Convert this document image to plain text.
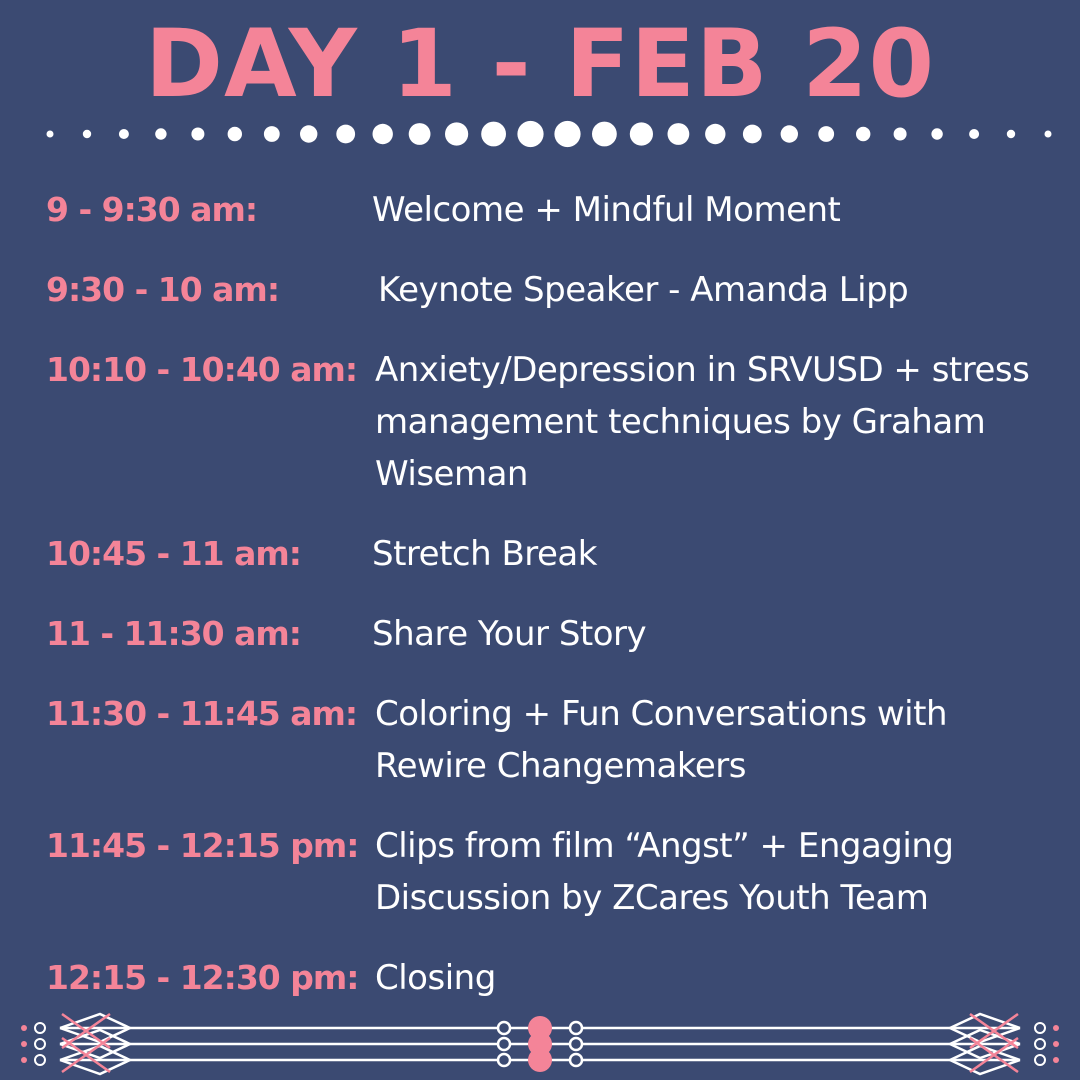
DAY 1 - FEB 20
9 - 9:30 am:	Welcome + Mindful Moment
9:30 - 10 am:	Keynote Speaker - Amanda Lipp
10:10 - 10:40 am: Anxiety/Depression in SRVUSD + stress management techniques by Graham Wiseman
10:45 - 11 am: Stretch Break
11 - 11:30 am: Share Your Story
11:30 - 11:45 am: Coloring + Fun Conversations with Rewire Changemakers
11:45 - 12:15 pm: Clips from film “Angst” + Engaging Discussion by ZCares Youth Team
12:15 - 12:30 pm: Closing
